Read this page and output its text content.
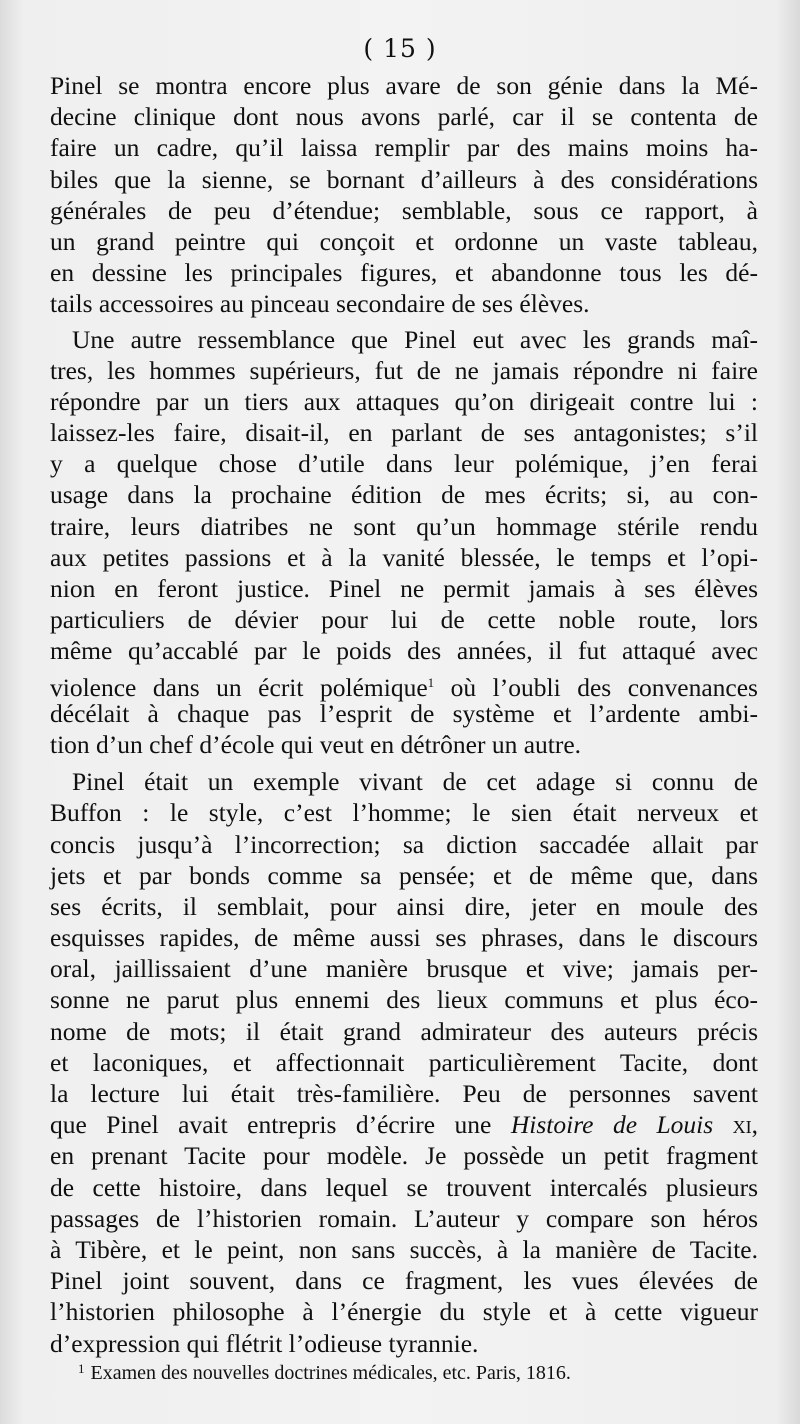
( 15 )
Pinel se montra encore plus avare de son génie dans la Mé-
decine clinique dont nous avons parlé, car il se contenta de
faire un cadre, qu’il laissa remplir par des mains moins ha-
biles que la sienne, se bornant d’ailleurs à des considérations
générales de peu d’étendue; semblable, sous ce rapport, à
un grand peintre qui conçoit et ordonne un vaste tableau,
en dessine les principales figures, et abandonne tous les dé-
tails accessoires au pinceau secondaire de ses élèves.
Une autre ressemblance que Pinel eut avec les grands maî-
tres, les hommes supérieurs, fut de ne jamais répondre ni faire
répondre par un tiers aux attaques qu’on dirigeait contre lui :
laissez-les faire, disait-il, en parlant de ses antagonistes; s’il
y a quelque chose d’utile dans leur polémique, j’en ferai
usage dans la prochaine édition de mes écrits; si, au con-
traire, leurs diatribes ne sont qu’un hommage stérile rendu
aux petites passions et à la vanité blessée, le temps et l’opi-
nion en feront justice. Pinel ne permit jamais à ses élèves
particuliers de dévier pour lui de cette noble route, lors
même qu’accablé par le poids des années, il fut attaqué avec
violence dans un écrit polémique$^1$ où l’oubli des convenances
décélait à chaque pas l’esprit de système et l’ardente ambi-
tion d’un chef d’école qui veut en détrôner un autre.
Pinel était un exemple vivant de cet adage si connu de
Buffon : le style, c’est l’homme; le sien était nerveux et
concis jusqu’à l’incorrection; sa diction saccadée allait par
jets et par bonds comme sa pensée; et de même que, dans
ses écrits, il semblait, pour ainsi dire, jeter en moule des
esquisses rapides, de même aussi ses phrases, dans le discours
oral, jaillissaient d’une manière brusque et vive; jamais per-
sonne ne parut plus ennemi des lieux communs et plus éco-
nome de mots; il était grand admirateur des auteurs précis
et laconiques, et affectionnait particulièrement Tacite, dont
la lecture lui était très-familière. Peu de personnes savent
que Pinel avait entrepris d’écrire une Histoire de Louis xi,
en prenant Tacite pour modèle. Je possède un petit fragment
de cette histoire, dans lequel se trouvent intercalés plusieurs
passages de l’historien romain. L’auteur y compare son héros
à Tibère, et le peint, non sans succès, à la manière de Tacite.
Pinel joint souvent, dans ce fragment, les vues élevées de
l’historien philosophe à l’énergie du style et à cette vigueur
d’expression qui flétrit l’odieuse tyrannie.
$^1$ Examen des nouvelles doctrines médicales, etc. Paris, 1816.
